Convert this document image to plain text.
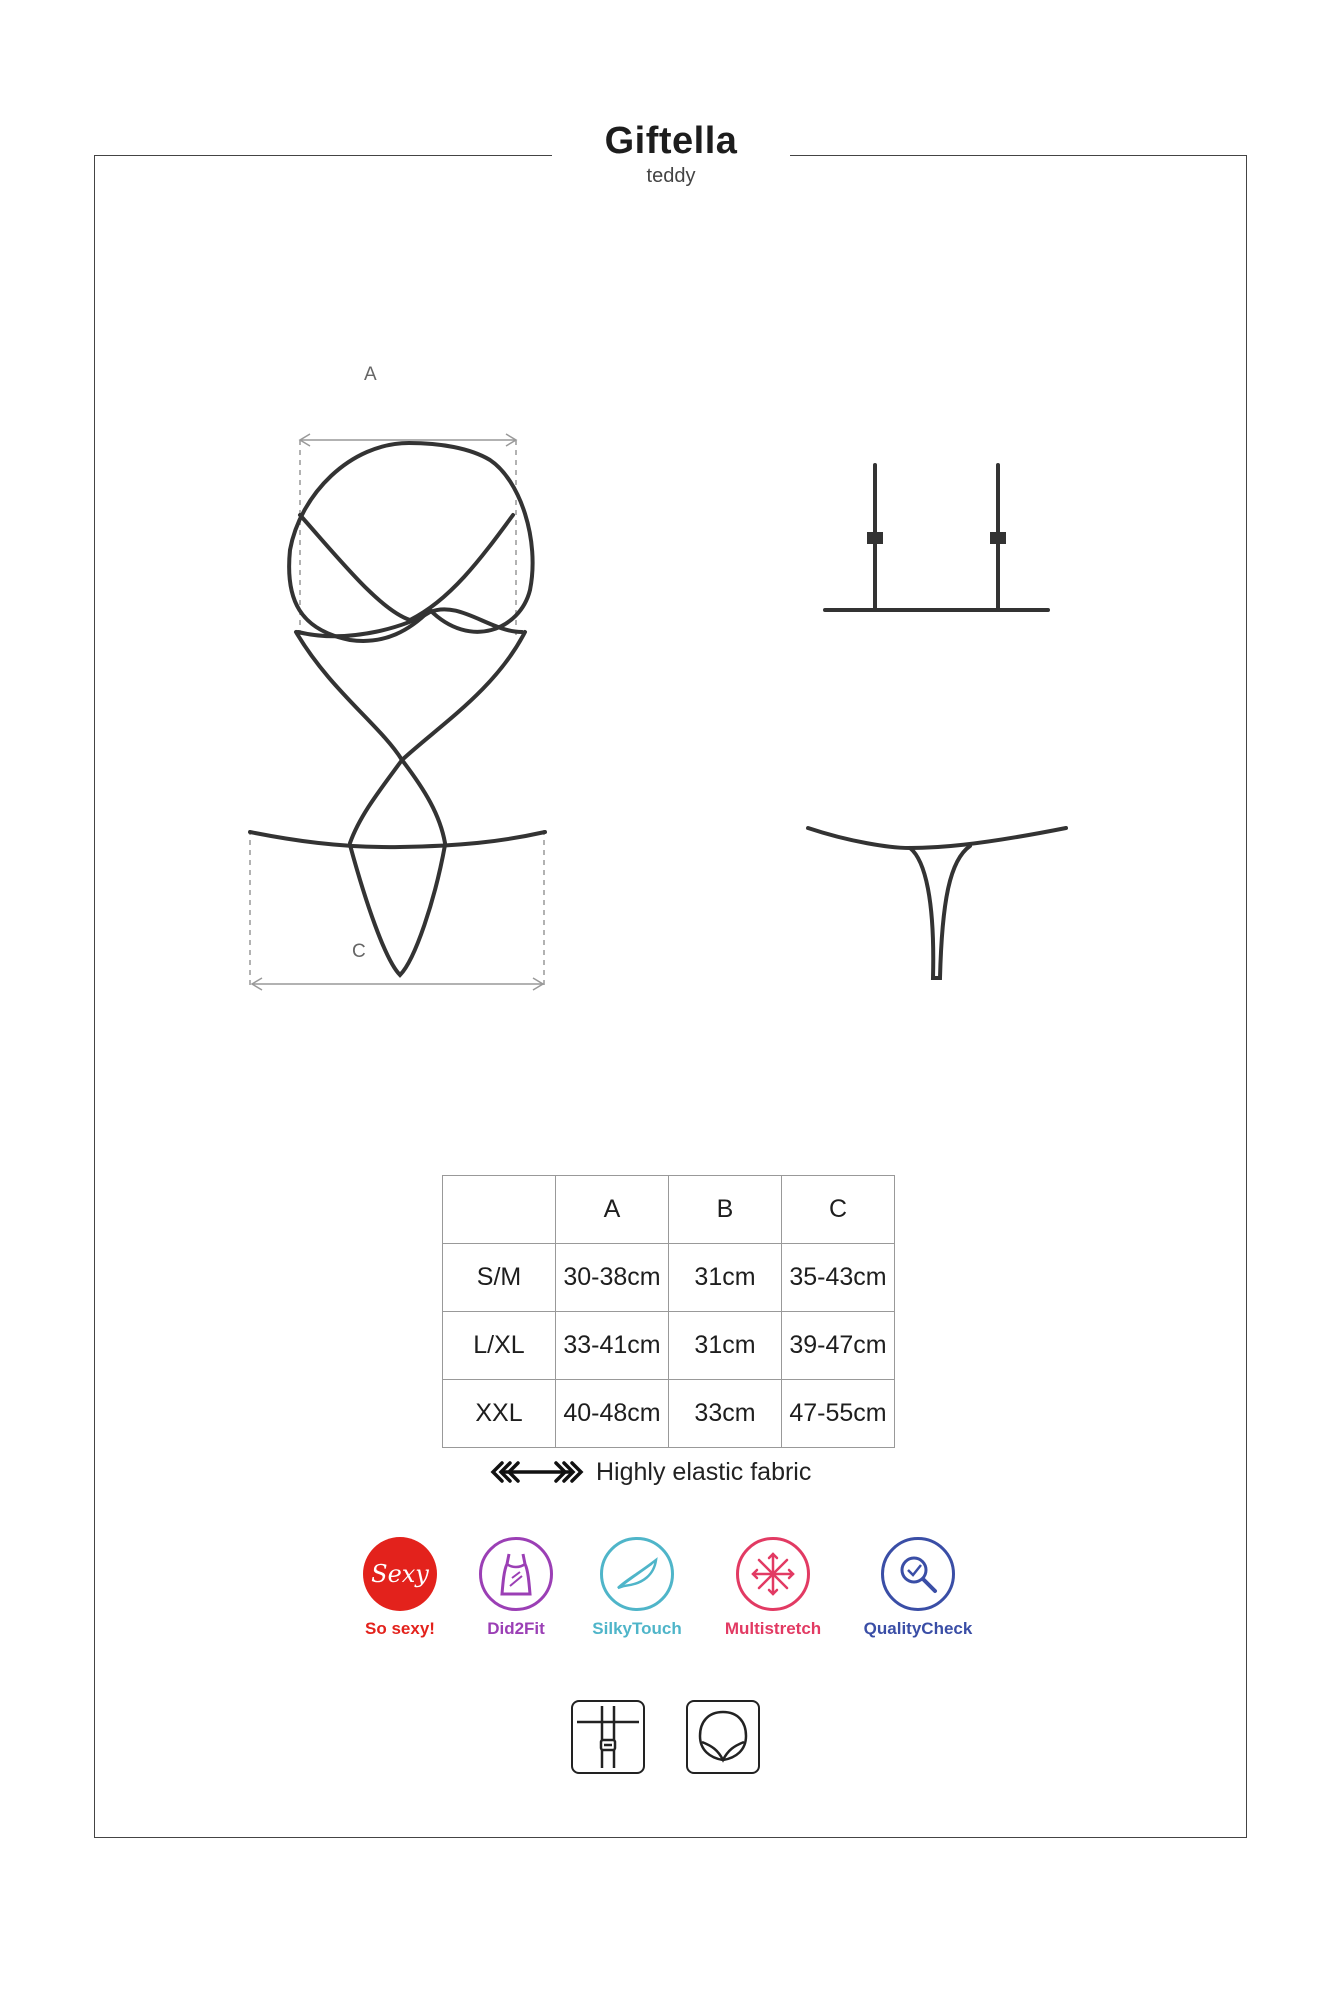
Giftella
teddy
A
C
	A	B	C
S/M	30-38cm	31cm	35-43cm
L/XL	33-41cm	31cm	39-47cm
XXL	40-48cm	33cm	47-55cm
Highly elastic fabric
Sexy
So sexy!	Did2Fit	SilkyTouch	Multistretch	QualityCheck
